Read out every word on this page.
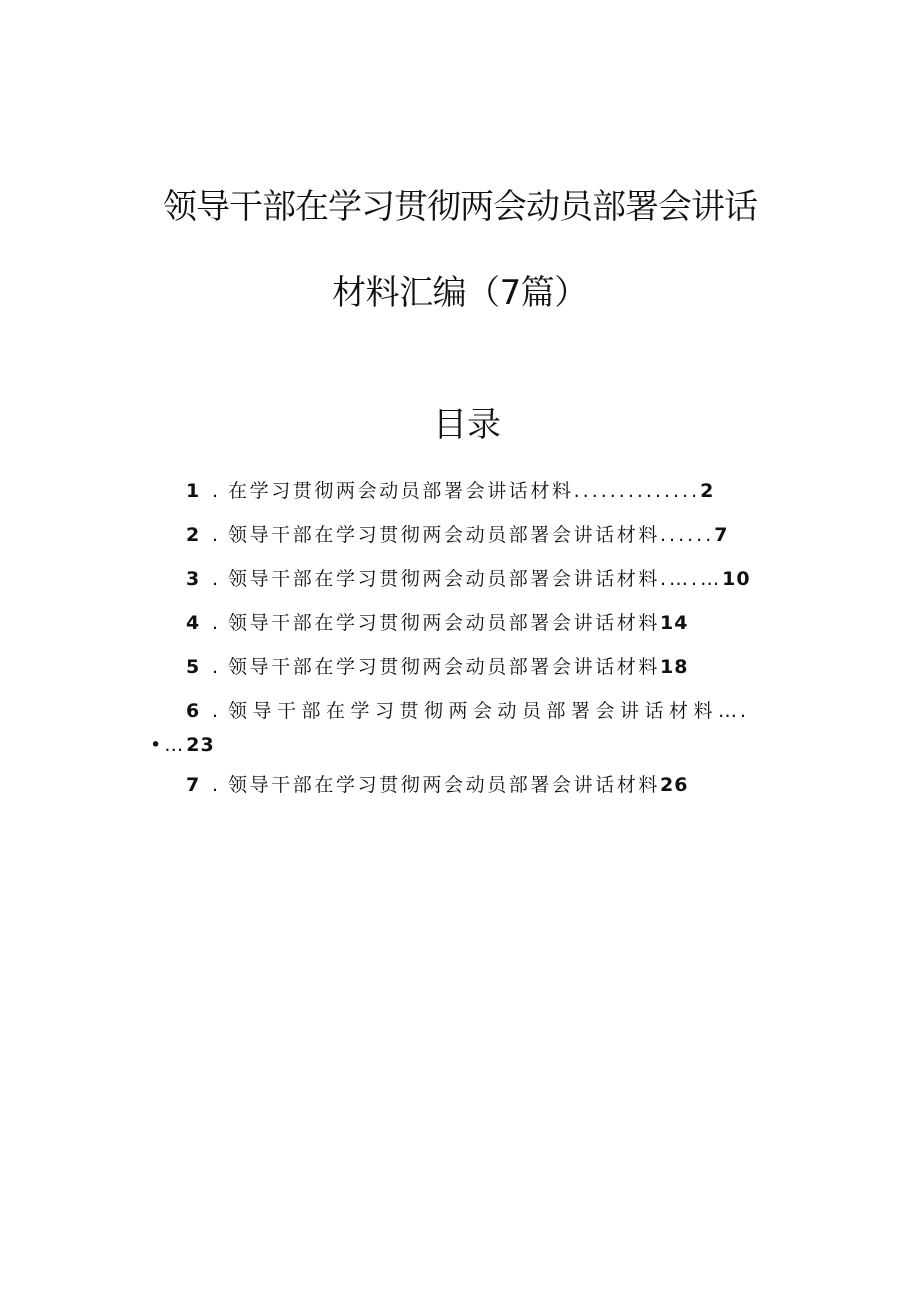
领导干部在学习贯彻两会动员部署会讲话
材料汇编（7篇）
目录
1 . 在学习贯彻两会动员部署会讲话材料..............2
2 . 领导干部在学习贯彻两会动员部署会讲话材料......7
3 . 领导干部在学习贯彻两会动员部署会讲话材料.….…10
4 . 领导干部在学习贯彻两会动员部署会讲话材料14
5 . 领导干部在学习贯彻两会动员部署会讲话材料18
6 . 领导干部在学习贯彻两会动员部署会讲话材料….
•…23
7 . 领导干部在学习贯彻两会动员部署会讲话材料26
